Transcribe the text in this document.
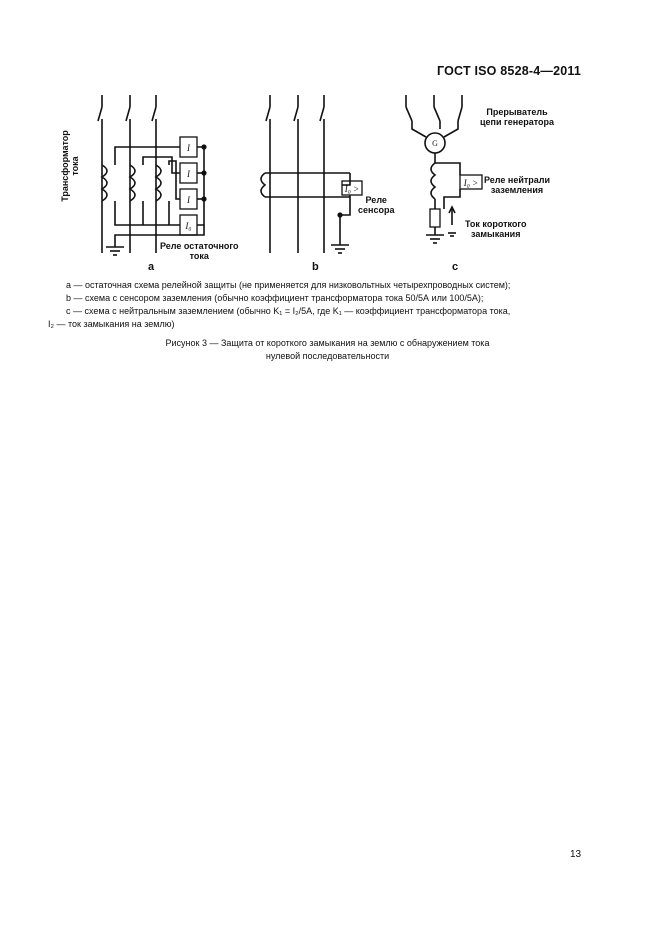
ГОСТ ISO 8528-4—2011
I
I
I
I₀
I₀ >
G
I₀ >
Реле остаточного
тока
Реле
сенсора
Прерыватель
цепи генератора
Реле нейтрали
заземления
Ток короткого
замыкания
a	b	c
Трансформатор тока
а — остаточная схема релейной защиты (не применяется для низковольтных четырехпроводных систем);
b — схема с сенсором заземления (обычно коэффициент трансформатора тока 50/5А или 100/5А);
с — схема с нейтральным заземлением (обычно K₁ = I₂/5А, где K₁ — коэффициент трансформатора тока,
I₂ — ток замыкания на землю)
Рисунок 3 — Защита от короткого замыкания на землю с обнаружением тока
нулевой последовательности
13
